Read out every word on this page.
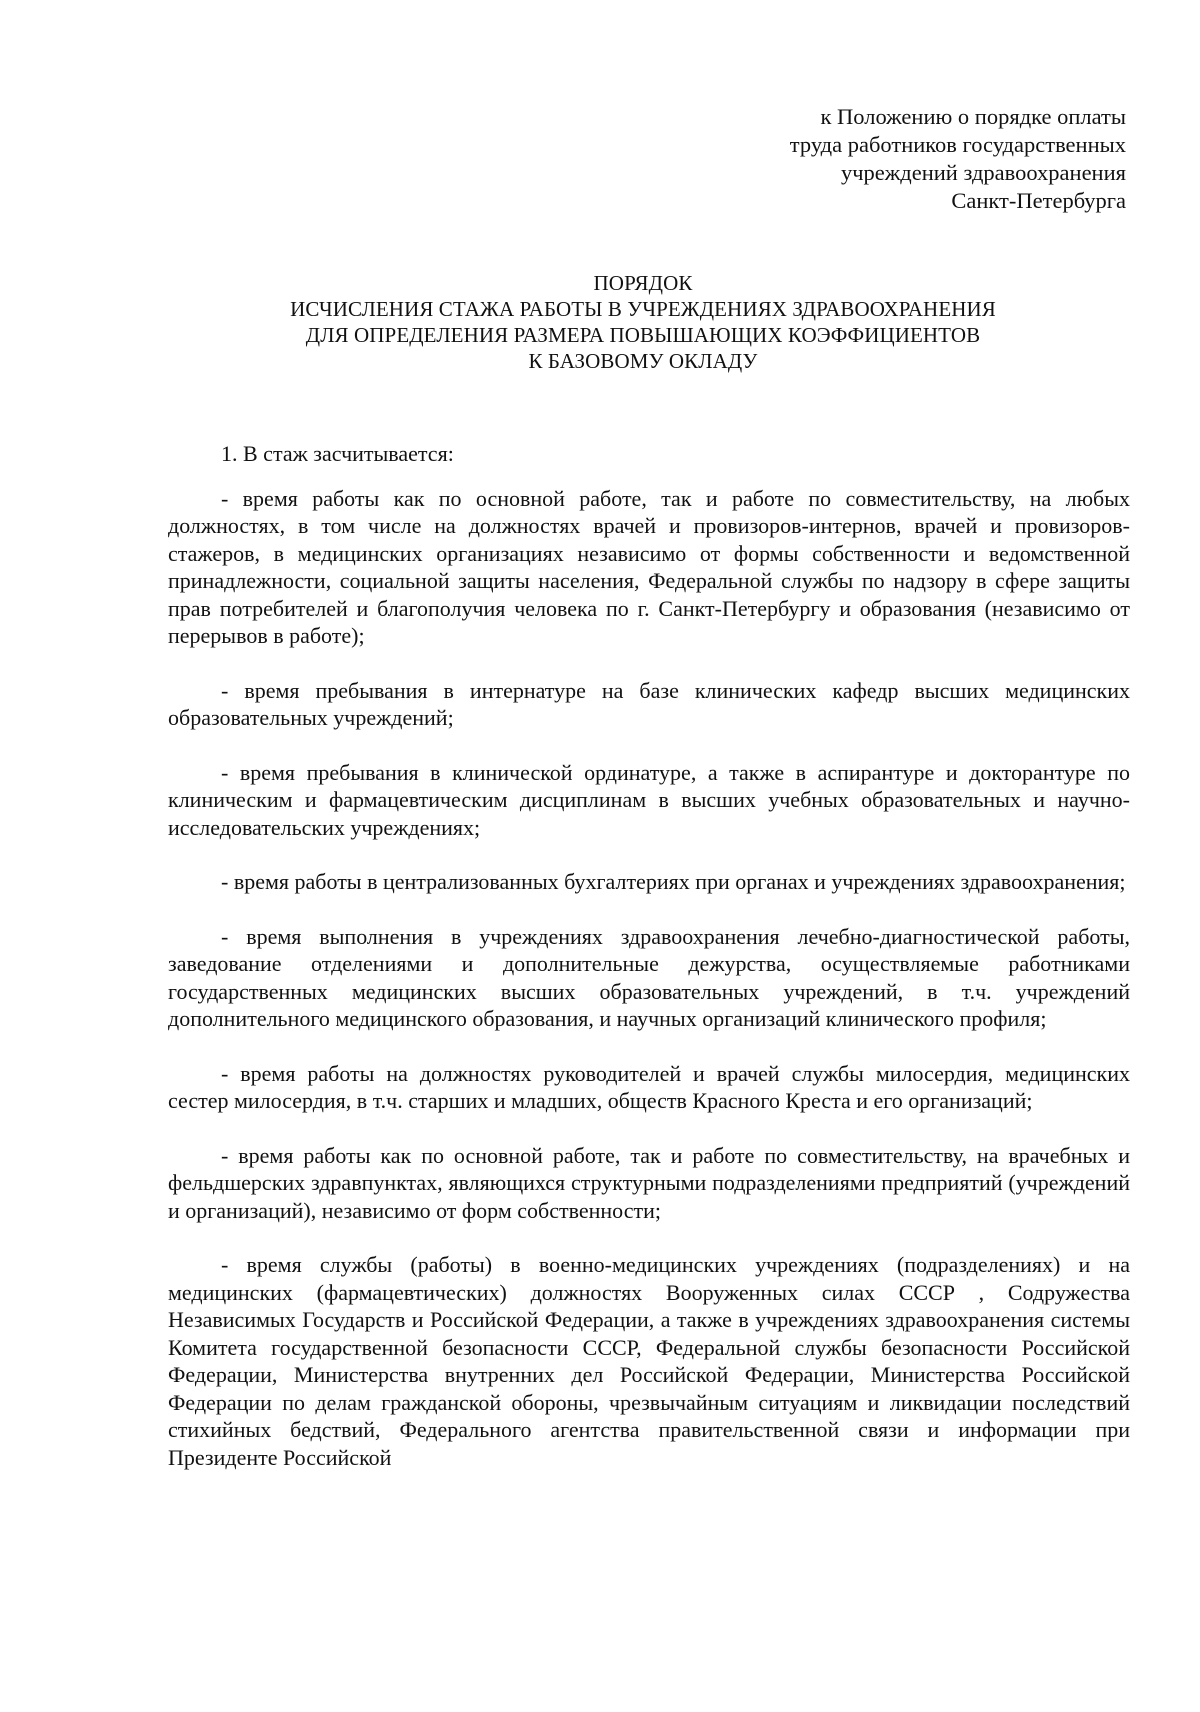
к Положению о порядке оплаты
труда работников государственных
учреждений здравоохранения
Санкт-Петербурга
ПОРЯДОК
ИСЧИСЛЕНИЯ СТАЖА РАБОТЫ В УЧРЕЖДЕНИЯХ ЗДРАВООХРАНЕНИЯ
ДЛЯ ОПРЕДЕЛЕНИЯ РАЗМЕРА ПОВЫШАЮЩИХ КОЭФФИЦИЕНТОВ
К БАЗОВОМУ ОКЛАДУ

1. В стаж засчитывается:

- время работы как по основной работе, так и работе по совместительству, на любых должностях, в том числе на должностях врачей и провизоров-интернов, врачей и провизоров-стажеров, в медицинских организациях независимо от формы собственности и ведомственной принадлежности, социальной защиты населения, Федеральной службы по надзору в сфере защиты прав потребителей и благополучия человека по г. Санкт-Петербургу и образования (независимо от перерывов в работе);

- время пребывания в интернатуре на базе клинических кафедр высших медицинских образовательных учреждений;

- время пребывания в клинической ординатуре, а также в аспирантуре и докторантуре по клиническим и фармацевтическим дисциплинам в высших учебных образовательных и научно-исследовательских учреждениях;

- время работы в централизованных бухгалтериях при органах и учреждениях здравоохранения;

- время выполнения в учреждениях здравоохранения лечебно-диагностической работы, заведование отделениями и дополнительные дежурства, осуществляемые работниками государственных медицинских высших образовательных учреждений, в т.ч. учреждений дополнительного медицинского образования, и научных организаций клинического профиля;

- время работы на должностях руководителей и врачей службы милосердия, медицинских сестер милосердия, в т.ч. старших и младших, обществ Красного Креста и его организаций;

- время работы как по основной работе, так и работе по совместительству, на врачебных и фельдшерских здравпунктах, являющихся структурными подразделениями предприятий (учреждений и организаций), независимо от форм собственности;

- время службы (работы) в военно-медицинских учреждениях (подразделениях) и на медицинских (фармацевтических) должностях Вооруженных силах СССР , Содружества Независимых Государств и Российской Федерации, а также в учреждениях здравоохранения системы Комитета государственной безопасности СССР, Федеральной службы безопасности Российской Федерации, Министерства внутренних дел Российской Федерации, Министерства Российской Федерации по делам гражданской обороны, чрезвычайным ситуациям и ликвидации последствий стихийных бедствий, Федерального агентства правительственной связи и информации при Президенте Российской
